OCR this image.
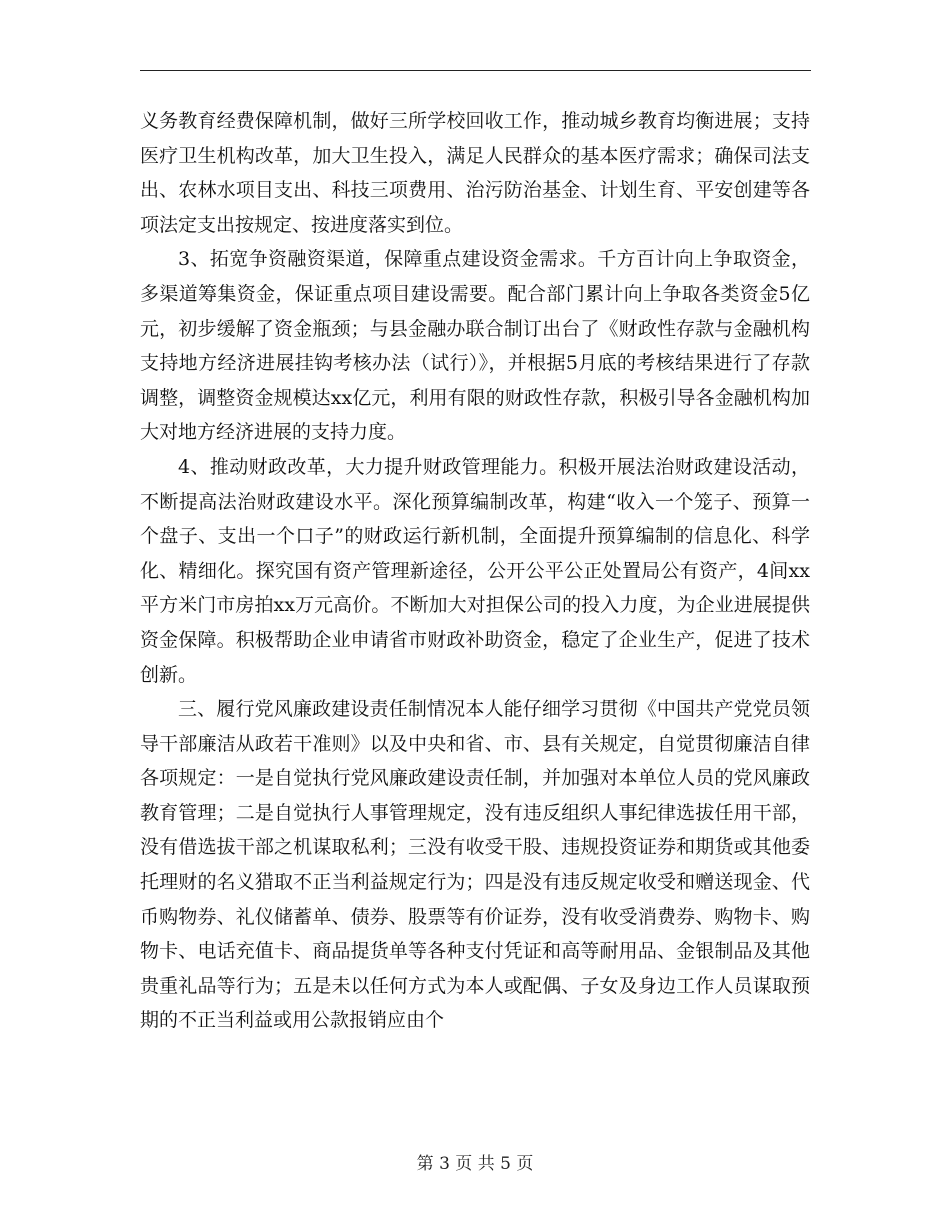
义务教育经费保障机制，做好三所学校回收工作，推动城乡教育均衡进展；支持医疗卫生机构改革，加大卫生投入，满足人民群众的基本医疗需求；确保司法支出、农林水项目支出、科技三项费用、治污防治基金、计划生育、平安创建等各项法定支出按规定、按进度落实到位。

3、拓宽争资融资渠道，保障重点建设资金需求。千方百计向上争取资金，多渠道筹集资金，保证重点项目建设需要。配合部门累计向上争取各类资金5亿元，初步缓解了资金瓶颈；与县金融办联合制订出台了《财政性存款与金融机构支持地方经济进展挂钩考核办法（试行）》，并根据5月底的考核结果进行了存款调整，调整资金规模达xx亿元，利用有限的财政性存款，积极引导各金融机构加大对地方经济进展的支持力度。

4、推动财政改革，大力提升财政管理能力。积极开展法治财政建设活动，不断提高法治财政建设水平。深化预算编制改革，构建“收入一个笼子、预算一个盘子、支出一个口子”的财政运行新机制，全面提升预算编制的信息化、科学化、精细化。探究国有资产管理新途径，公开公平公正处置局公有资产，4间xx平方米门市房拍xx万元高价。不断加大对担保公司的投入力度，为企业进展提供资金保障。积极帮助企业申请省市财政补助资金，稳定了企业生产，促进了技术创新。

三、履行党风廉政建设责任制情况本人能仔细学习贯彻《中国共产党党员领导干部廉洁从政若干准则》以及中央和省、市、县有关规定，自觉贯彻廉洁自律各项规定：一是自觉执行党风廉政建设责任制，并加强对本单位人员的党风廉政教育管理；二是自觉执行人事管理规定，没有违反组织人事纪律选拔任用干部，没有借选拔干部之机谋取私利；三没有收受干股、违规投资证券和期货或其他委托理财的名义猎取不正当利益规定行为；四是没有违反规定收受和赠送现金、代币购物券、礼仪储蓄单、债券、股票等有价证券，没有收受消费券、购物卡、购物卡、电话充值卡、商品提货单等各种支付凭证和高等耐用品、金银制品及其他贵重礼品等行为；五是未以任何方式为本人或配偶、子女及身边工作人员谋取预期的不正当利益或用公款报销应由个

第 3 页 共 5 页
